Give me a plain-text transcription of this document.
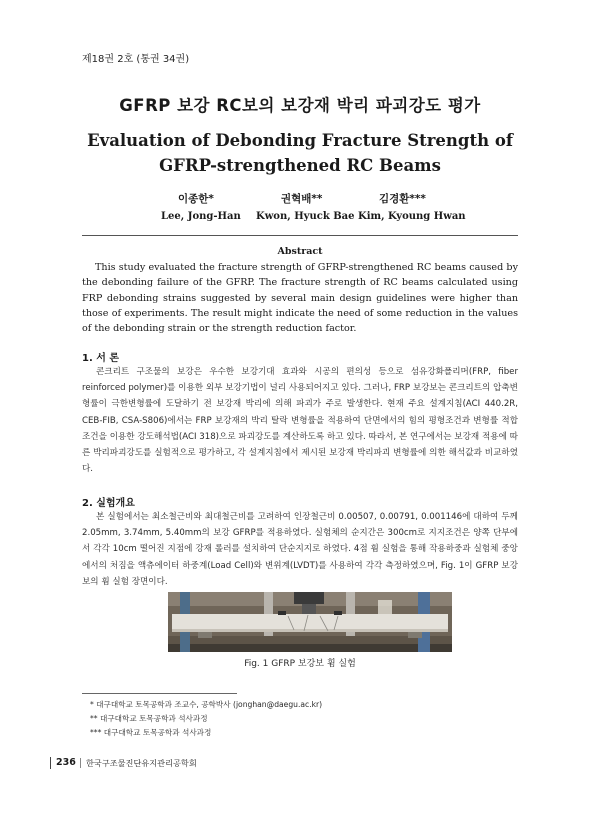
제18권 2호 (통권 34권)
GFRP 보강 RC보의 보강재 박리 파괴강도 평가
Evaluation of Debonding Fracture Strength of
GFRP-strengthened RC Beams
이종한*	권혁배**	김경환***
Lee, Jong-Han Kwon, Hyuck Bae Kim, Kyoung Hwan
Abstract

This study evaluated the fracture strength of GFRP-strengthened RC beams caused by the debonding failure of the GFRP. The fracture strength of RC beams calculated using FRP debonding strains suggested by several main design guidelines were higher than those of experiments. The result might indicate the need of some reduction in the values of the debonding strain or the strength reduction factor.

1. 서 론

콘크리트 구조물의 보강은 우수한 보강기대 효과와 시공의 편의성 등으로 섬유강화폴리머(FRP, fiber reinforced polymer)를 이용한 외부 보강기법이 널리 사용되어지고 있다. 그러나, FRP 보강보는 콘크리트의 압축변형률이 극한변형률에 도달하기 전 보강재 박리에 의해 파괴가 주로 발생한다. 현재 주요 설계지침(ACI 440.2R, CEB-FIB, CSA-S806)에서는 FRP 보강재의 박리 탈락 변형률을 적용하여 단면에서의 힘의 평형조건과 변형률 적합조건을 이용한 강도해석법(ACI 318)으로 파괴강도를 계산하도록 하고 있다. 따라서, 본 연구에서는 보강재 적용에 따른 박리파괴강도를 실험적으로 평가하고, 각 설계지침에서 제시된 보강재 박리파괴 변형률에 의한 해석값과 비교하였다.

2. 실험개요

본 실험에서는 최소철근비와 최대철근비를 고려하여 인장철근비 0.00507, 0.00791, 0.001146에 대하여 두께 2.05mm, 3.74mm, 5.40mm의 보강 GFRP를 적용하였다. 실험체의 순지간은 300cm로 지지조건은 양쪽 단부에서 각각 10cm 떨어진 지점에 강재 롤러를 설치하여 단순지지로 하였다. 4점 휨 실험을 통해 작용하중과 실험체 중앙에서의 처짐을 액츄에이터 하중계(Load Cell)와 변위계(LVDT)를 사용하여 각각 측정하였으며, Fig. 1이 GFRP 보강보의 휨 실험 장면이다.

Fig. 1 GFRP 보강보 휨 실험
* 대구대학교 토목공학과 조교수, 공학박사 (jonghan@daegu.ac.kr)
** 대구대학교 토목공학과 석사과정
*** 대구대학교 토목공학과 석사과정
236 한국구조물진단유지관리공학회
